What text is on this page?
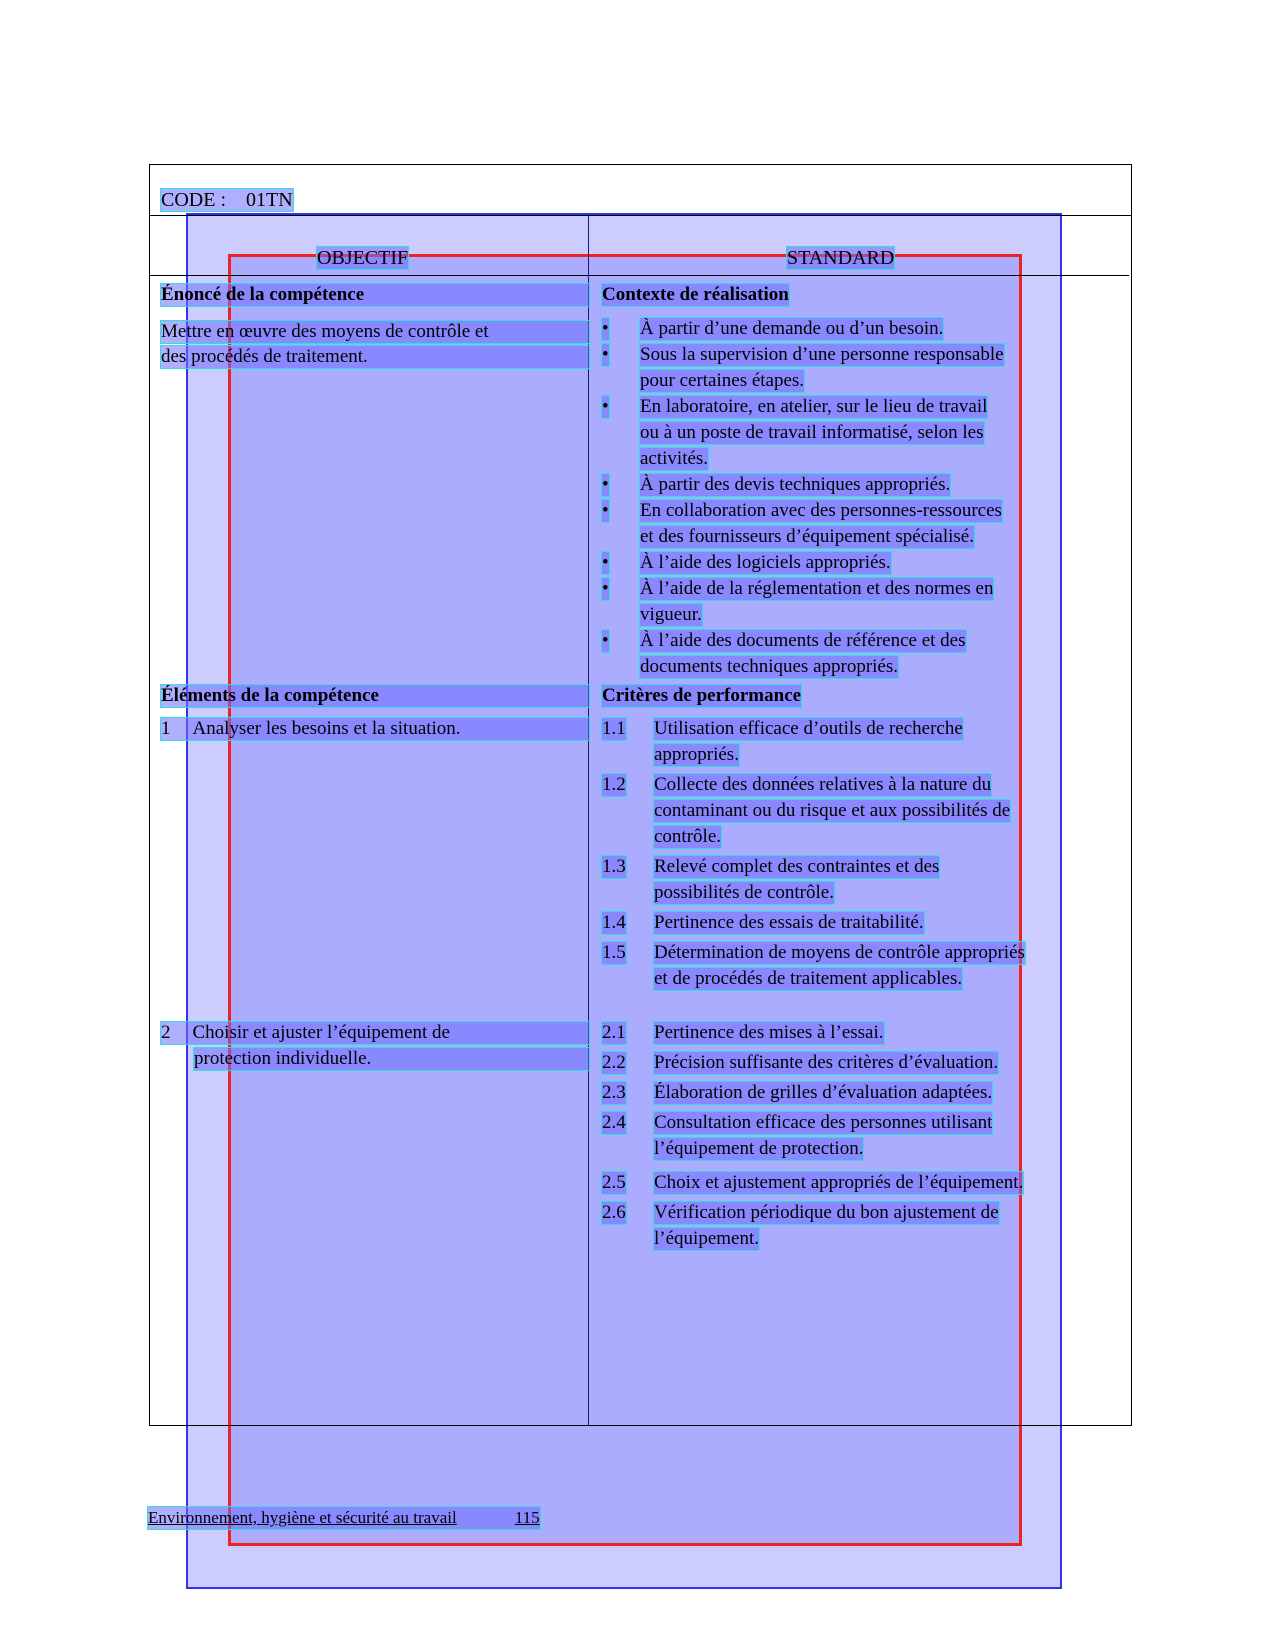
CODE : 01TN
OBJECTIF	STANDARD
Énoncé de la compétence
Mettre en œuvre des moyens de contrôle et
des procédés de traitement.
Éléments de la compétence
1 Analyser les besoins et la situation.
2 Choisir et ajuster l’équipement de
protection individuelle.
Contexte de réalisation
• À partir d’une demande ou d’un besoin.
• Sous la supervision d’une personne responsable
pour certaines étapes.
• En laboratoire, en atelier, sur le lieu de travail
ou à un poste de travail informatisé, selon les
activités.
• À partir des devis techniques appropriés.
• En collaboration avec des personnes-ressources
et des fournisseurs d’équipement spécialisé.
• À l’aide des logiciels appropriés.
• À l’aide de la réglementation et des normes en
vigueur.
• À l’aide des documents de référence et des
documents techniques appropriés.
Critères de performance
1.1 Utilisation efficace d’outils de recherche
appropriés.
1.2 Collecte des données relatives à la nature du
contaminant ou du risque et aux possibilités de
contrôle.
1.3 Relevé complet des contraintes et des
possibilités de contrôle.
1.4 Pertinence des essais de traitabilité.
1.5 Détermination de moyens de contrôle appropriés
et de procédés de traitement applicables.
2.1 Pertinence des mises à l’essai.
2.2 Précision suffisante des critères d’évaluation.
2.3 Élaboration de grilles d’évaluation adaptées.
2.4 Consultation efficace des personnes utilisant
l’équipement de protection.
2.5 Choix et ajustement appropriés de l’équipement.
2.6 Vérification périodique du bon ajustement de
l’équipement.
Environnement, hygiène et sécurité au travail	115
